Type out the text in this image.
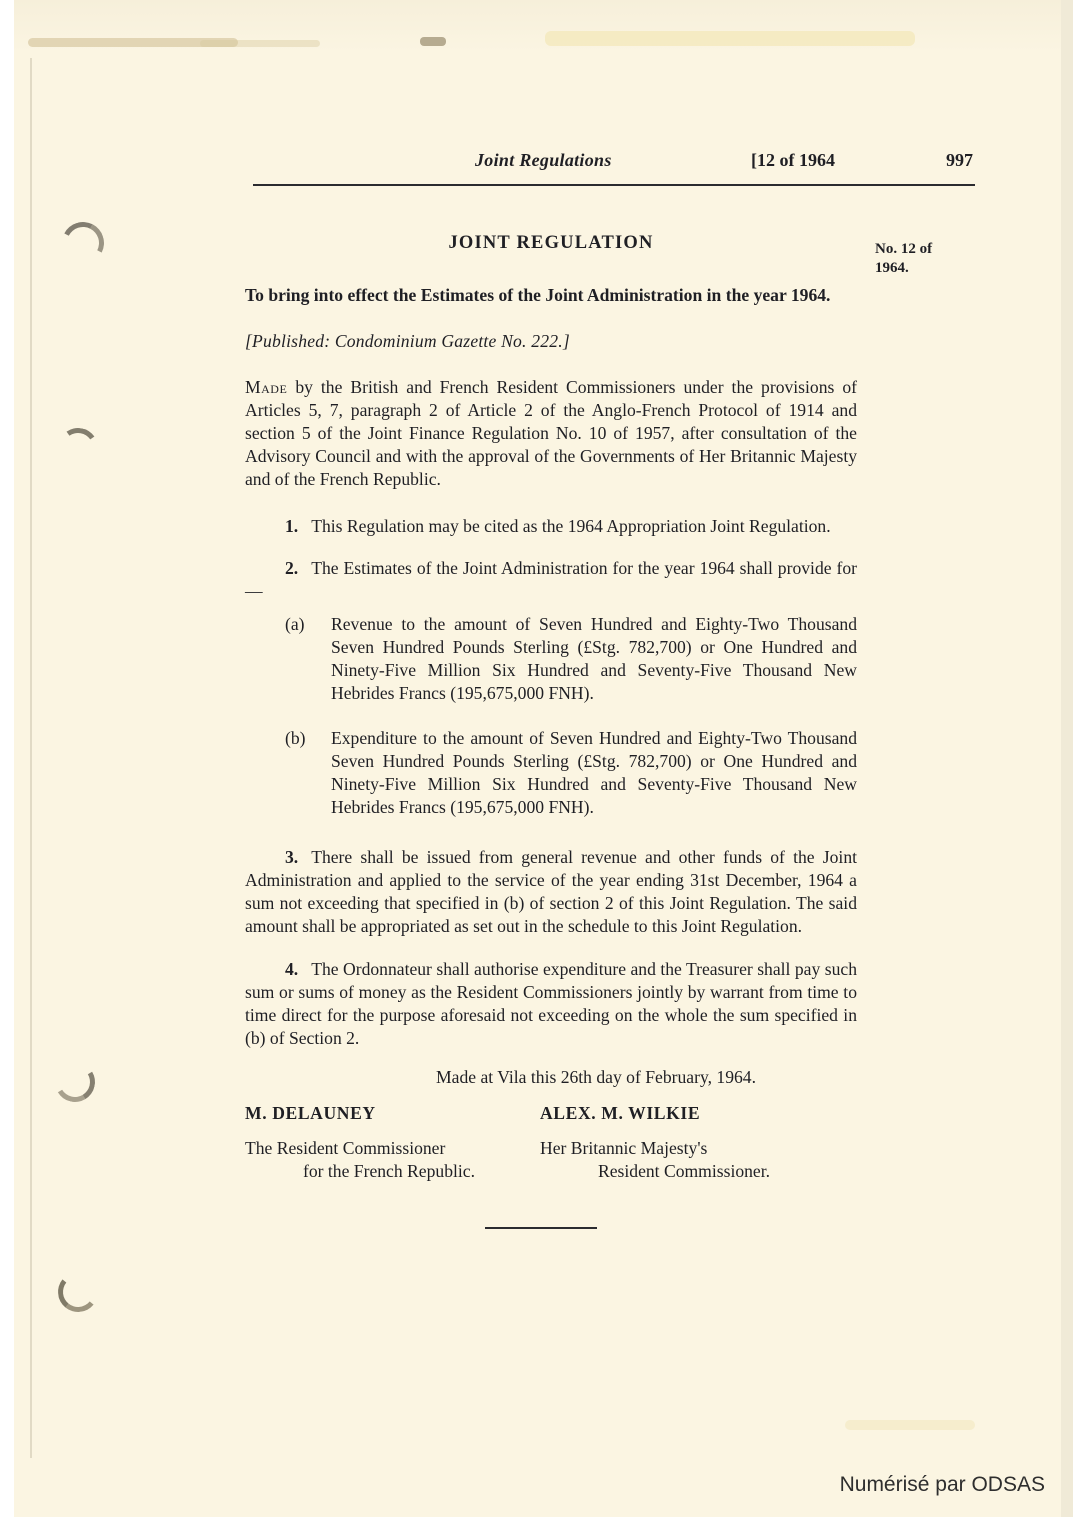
Joint Regulations	[12 of 1964	997
No. 12 of
1964.
JOINT REGULATION
To bring into effect the Estimates of the Joint Administration in the year 1964.
[Published: Condominium Gazette No. 222.]
Made by the British and French Resident Commissioners under the provisions of Articles 5, 7, paragraph 2 of Article 2 of the Anglo-French Protocol of 1914 and section 5 of the Joint Finance Regulation No. 10 of 1957, after consultation of the Advisory Council and with the approval of the Governments of Her Britannic Majesty and of the French Republic.
1. This Regulation may be cited as the 1964 Appropriation Joint Regulation.
2. The Estimates of the Joint Administration for the year 1964 shall provide for—
(a)	Revenue to the amount of Seven Hundred and Eighty-Two Thousand Seven Hundred Pounds Sterling (£Stg. 782,700) or One Hundred and Ninety-Five Million Six Hundred and Seventy-Five Thousand New Hebrides Francs (195,675,000 FNH).
(b)	Expenditure to the amount of Seven Hundred and Eighty-Two Thousand Seven Hundred Pounds Sterling (£Stg. 782,700) or One Hundred and Ninety-Five Million Six Hundred and Seventy-Five Thousand New Hebrides Francs (195,675,000 FNH).
3. There shall be issued from general revenue and other funds of the Joint Administration and applied to the service of the year ending 31st December, 1964 a sum not exceeding that specified in (b) of section 2 of this Joint Regulation. The said amount shall be appropriated as set out in the schedule to this Joint Regulation.
4. The Ordonnateur shall authorise expenditure and the Treasurer shall pay such sum or sums of money as the Resident Commissioners jointly by warrant from time to time direct for the purpose aforesaid not exceeding on the whole the sum specified in (b) of Section 2.
Made at Vila this 26th day of February, 1964.
M. DELAUNEY
The Resident Commissioner
for the French Republic.
ALEX. M. WILKIE
Her Britannic Majesty's
Resident Commissioner.
Numérisé par ODSAS
